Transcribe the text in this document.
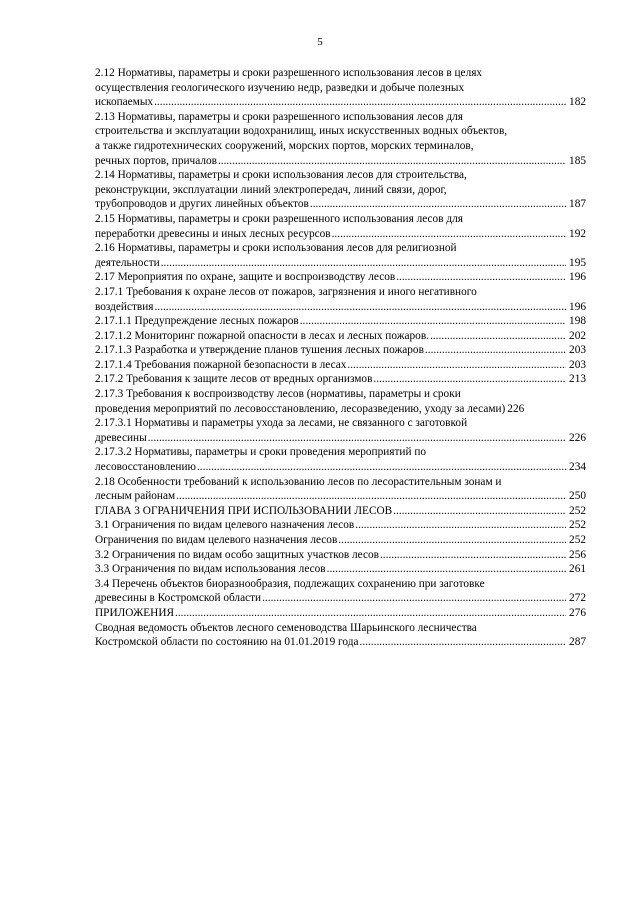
5
2.12 Нормативы, параметры и сроки разрешенного использования лесов в целях
осуществления геологического изучению недр, разведки и добыче полезных
ископаемых .....	182
2.13 Нормативы, параметры и сроки разрешенного использования лесов для
строительства и эксплуатации водохранилищ, иных искусственных водных объектов,
а также гидротехнических сооружений, морских портов, морских терминалов,
речных портов, причалов .....	185
2.14 Нормативы, параметры и сроки использования лесов для строительства,
реконструкции, эксплуатации линий электропередач, линий связи, дорог,
трубопроводов и других линейных объектов .....	187
2.15 Нормативы, параметры и сроки разрешенного использования лесов для
переработки древесины и иных лесных ресурсов .....	192
2.16 Нормативы, параметры и сроки использования лесов для религиозной
деятельности .....	195
2.17 Мероприятия по охране, защите и воспроизводству лесов .....	196
2.17.1 Требования к охране лесов от пожаров, загрязнения и иного негативного
воздействия .....	196
2.17.1.1 Предупреждение лесных пожаров .....	198
2.17.1.2 Мониторинг пожарной опасности в лесах и лесных пожаров. .....	202
2.17.1.3 Разработка и утверждение планов тушения лесных пожаров .....	203
2.17.1.4 Требования пожарной безопасности в лесах .....	203
2.17.2 Требования к защите лесов от вредных организмов .....	213
2.17.3 Требования к воспроизводству лесов (нормативы, параметры и сроки
проведения мероприятий по лесовосстановлению, лесоразведению, уходу за лесами) 226
2.17.3.1 Нормативы и параметры ухода за лесами, не связанного с заготовкой
древесины .....	226
2.17.3.2 Нормативы, параметры и сроки проведения мероприятий по
лесовосстановлению .....	234
2.18 Особенности требований к использованию лесов по лесорастительным зонам и
лесным районам .....	250
ГЛАВА 3 ОГРАНИЧЕНИЯ ПРИ ИСПОЛЬЗОВАНИИ ЛЕСОВ .....	252
3.1 Ограничения по видам целевого назначения лесов .....	252
Ограничения по видам целевого назначения лесов .....	252
3.2 Ограничения по видам особо защитных участков лесов .....	256
3.3 Ограничения по видам использования лесов .....	261
3.4 Перечень объектов биоразнообразия, подлежащих сохранению при заготовке
древесины в Костромской области .....	272
ПРИЛОЖЕНИЯ .....	276
Сводная ведомость объектов лесного семеноводства Шарьинского лесничества
Костромской области по состоянию на 01.01.2019 года .....	287
